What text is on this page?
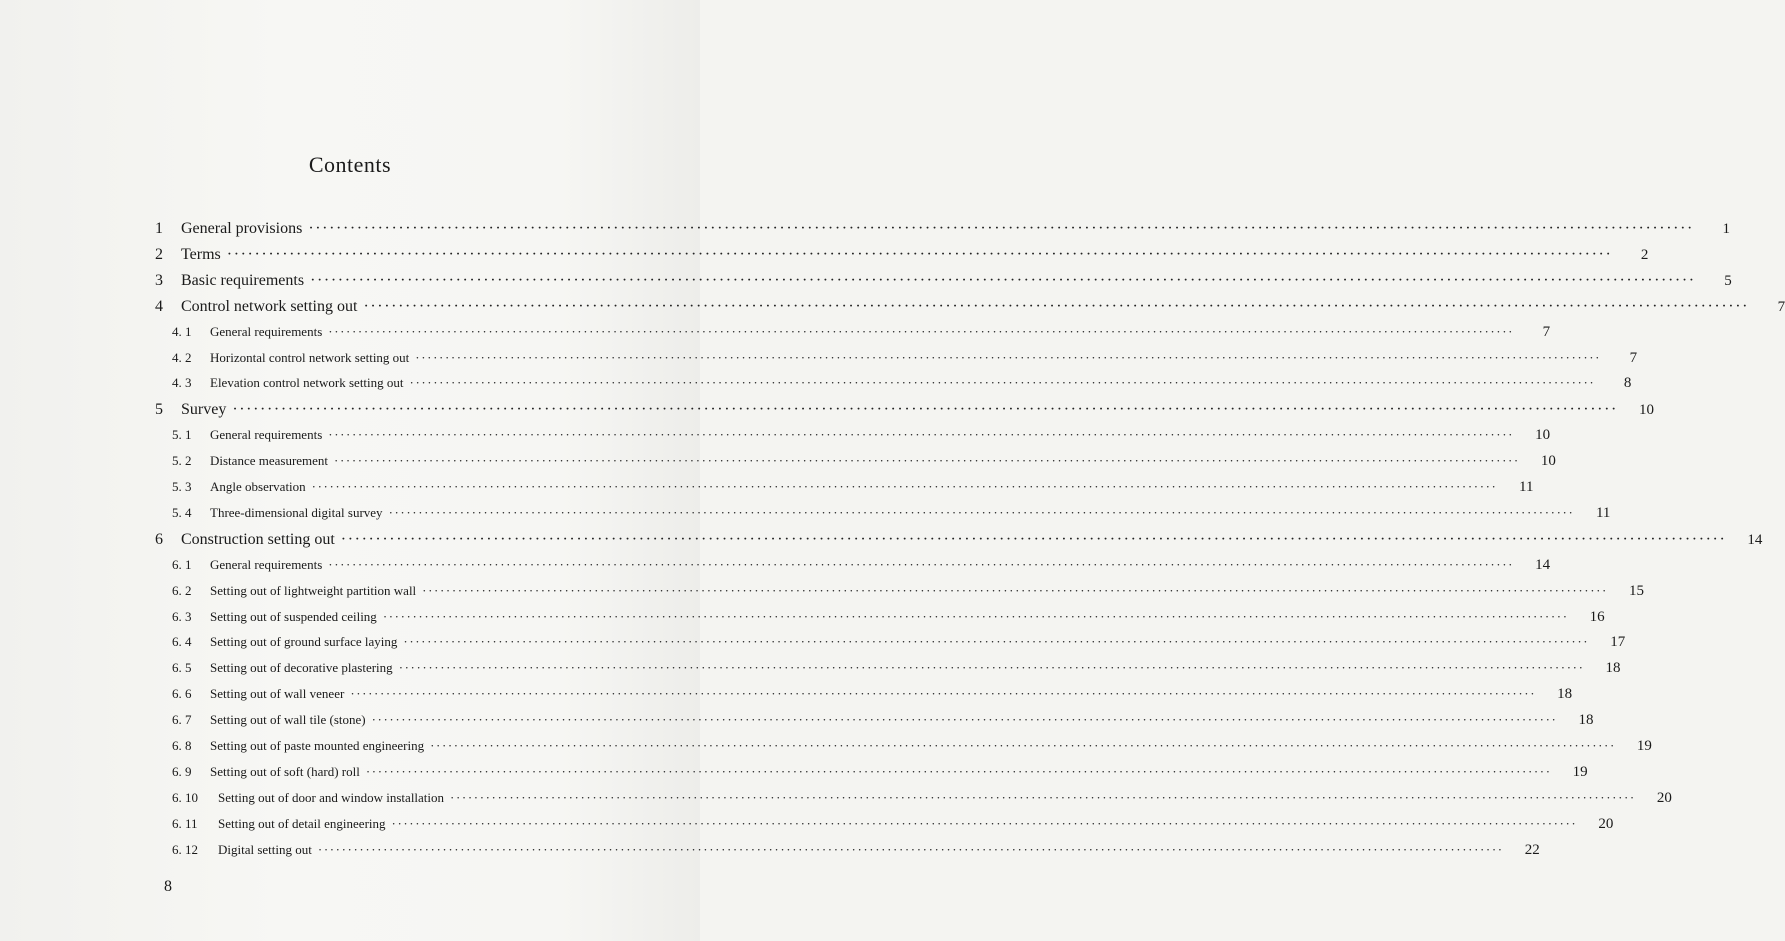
Contents
1	General provisions ········································································································································································································	1
2	Terms ········································································································································································································	2
3	Basic requirements ········································································································································································································	5
4	Control network setting out ········································································································································································································	7
4. 1	General requirements ········································································································································································································	7
4. 2	Horizontal control network setting out ········································································································································································································	7
4. 3	Elevation control network setting out ········································································································································································································	8
5	Survey ········································································································································································································	10
5. 1	General requirements ········································································································································································································	10
5. 2	Distance measurement ········································································································································································································	10
5. 3	Angle observation ········································································································································································································	11
5. 4	Three-dimensional digital survey ········································································································································································································	11
6	Construction setting out ········································································································································································································	14
6. 1	General requirements ········································································································································································································	14
6. 2	Setting out of lightweight partition wall ········································································································································································································	15
6. 3	Setting out of suspended ceiling ········································································································································································································	16
6. 4	Setting out of ground surface laying ········································································································································································································	17
6. 5	Setting out of decorative plastering ········································································································································································································	18
6. 6	Setting out of wall veneer ········································································································································································································	18
6. 7	Setting out of wall tile (stone) ········································································································································································································	18
6. 8	Setting out of paste mounted engineering ········································································································································································································	19
6. 9	Setting out of soft (hard) roll ········································································································································································································	19
6. 10	Setting out of door and window installation ········································································································································································································	20
6. 11	Setting out of detail engineering ········································································································································································································	20
6. 12	Digital setting out ········································································································································································································	22
8
